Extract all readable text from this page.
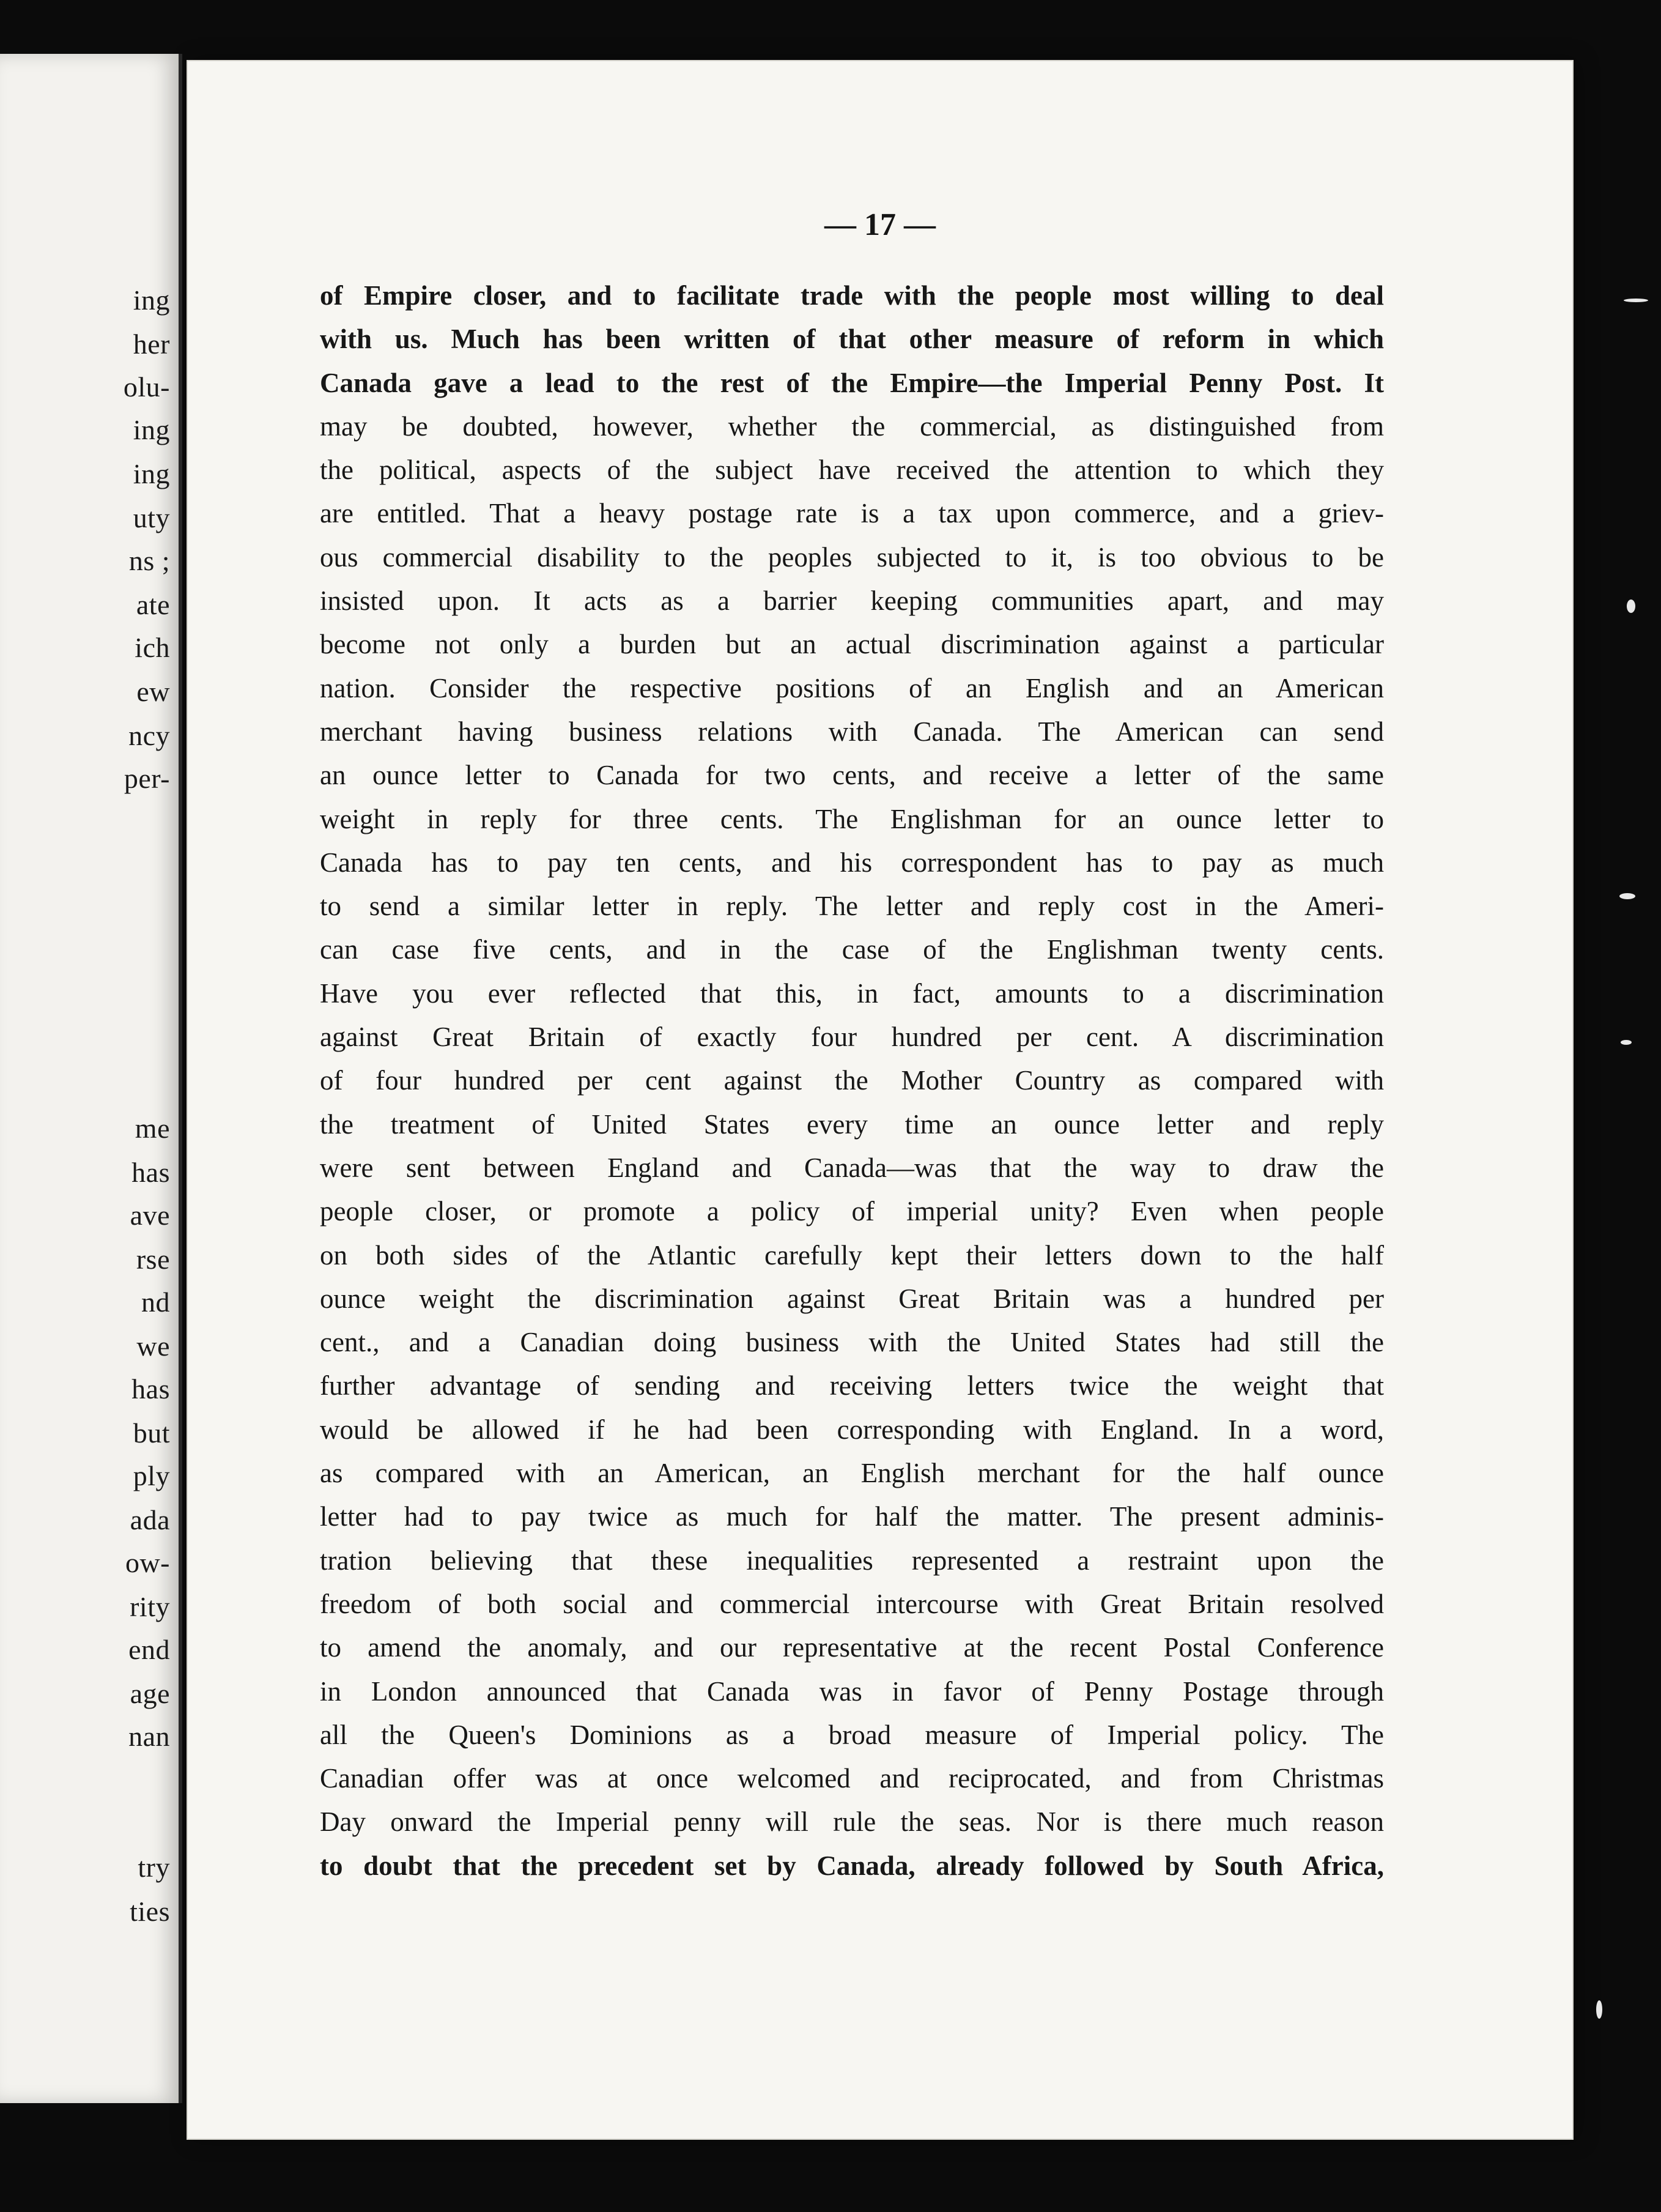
ing
her
olu-
ing
ing
uty
ns ;
ate
ich
ew
ncy
per-
me
has
ave
rse
nd
we
has
but
ply
ada
ow-
rity
end
age
nan
try
ties
— 17 —
of Empire closer, and to facilitate trade with the people most willing to deal
with us. Much has been written of that other measure of reform in which
Canada gave a lead to the rest of the Empire—the Imperial Penny Post. It
may be doubted, however, whether the commercial, as distinguished from
the political, aspects of the subject have received the attention to which they
are entitled. That a heavy postage rate is a tax upon commerce, and a griev-
ous commercial disability to the peoples subjected to it, is too obvious to be
insisted upon. It acts as a barrier keeping communities apart, and may
become not only a burden but an actual discrimination against a particular
nation. Consider the respective positions of an English and an American
merchant having business relations with Canada. The American can send
an ounce letter to Canada for two cents, and receive a letter of the same
weight in reply for three cents. The Englishman for an ounce letter to
Canada has to pay ten cents, and his correspondent has to pay as much
to send a similar letter in reply. The letter and reply cost in the Ameri-
can case five cents, and in the case of the Englishman twenty cents.
Have you ever reflected that this, in fact, amounts to a discrimination
against Great Britain of exactly four hundred per cent. A discrimination
of four hundred per cent against the Mother Country as compared with
the treatment of United States every time an ounce letter and reply
were sent between England and Canada—was that the way to draw the
people closer, or promote a policy of imperial unity? Even when people
on both sides of the Atlantic carefully kept their letters down to the half
ounce weight the discrimination against Great Britain was a hundred per
cent., and a Canadian doing business with the United States had still the
further advantage of sending and receiving letters twice the weight that
would be allowed if he had been corresponding with England. In a word,
as compared with an American, an English merchant for the half ounce
letter had to pay twice as much for half the matter. The present adminis-
tration believing that these inequalities represented a restraint upon the
freedom of both social and commercial intercourse with Great Britain resolved
to amend the anomaly, and our representative at the recent Postal Conference
in London announced that Canada was in favor of Penny Postage through
all the Queen's Dominions as a broad measure of Imperial policy. The
Canadian offer was at once welcomed and reciprocated, and from Christmas
Day onward the Imperial penny will rule the seas. Nor is there much reason
to doubt that the precedent set by Canada, already followed by South Africa,
